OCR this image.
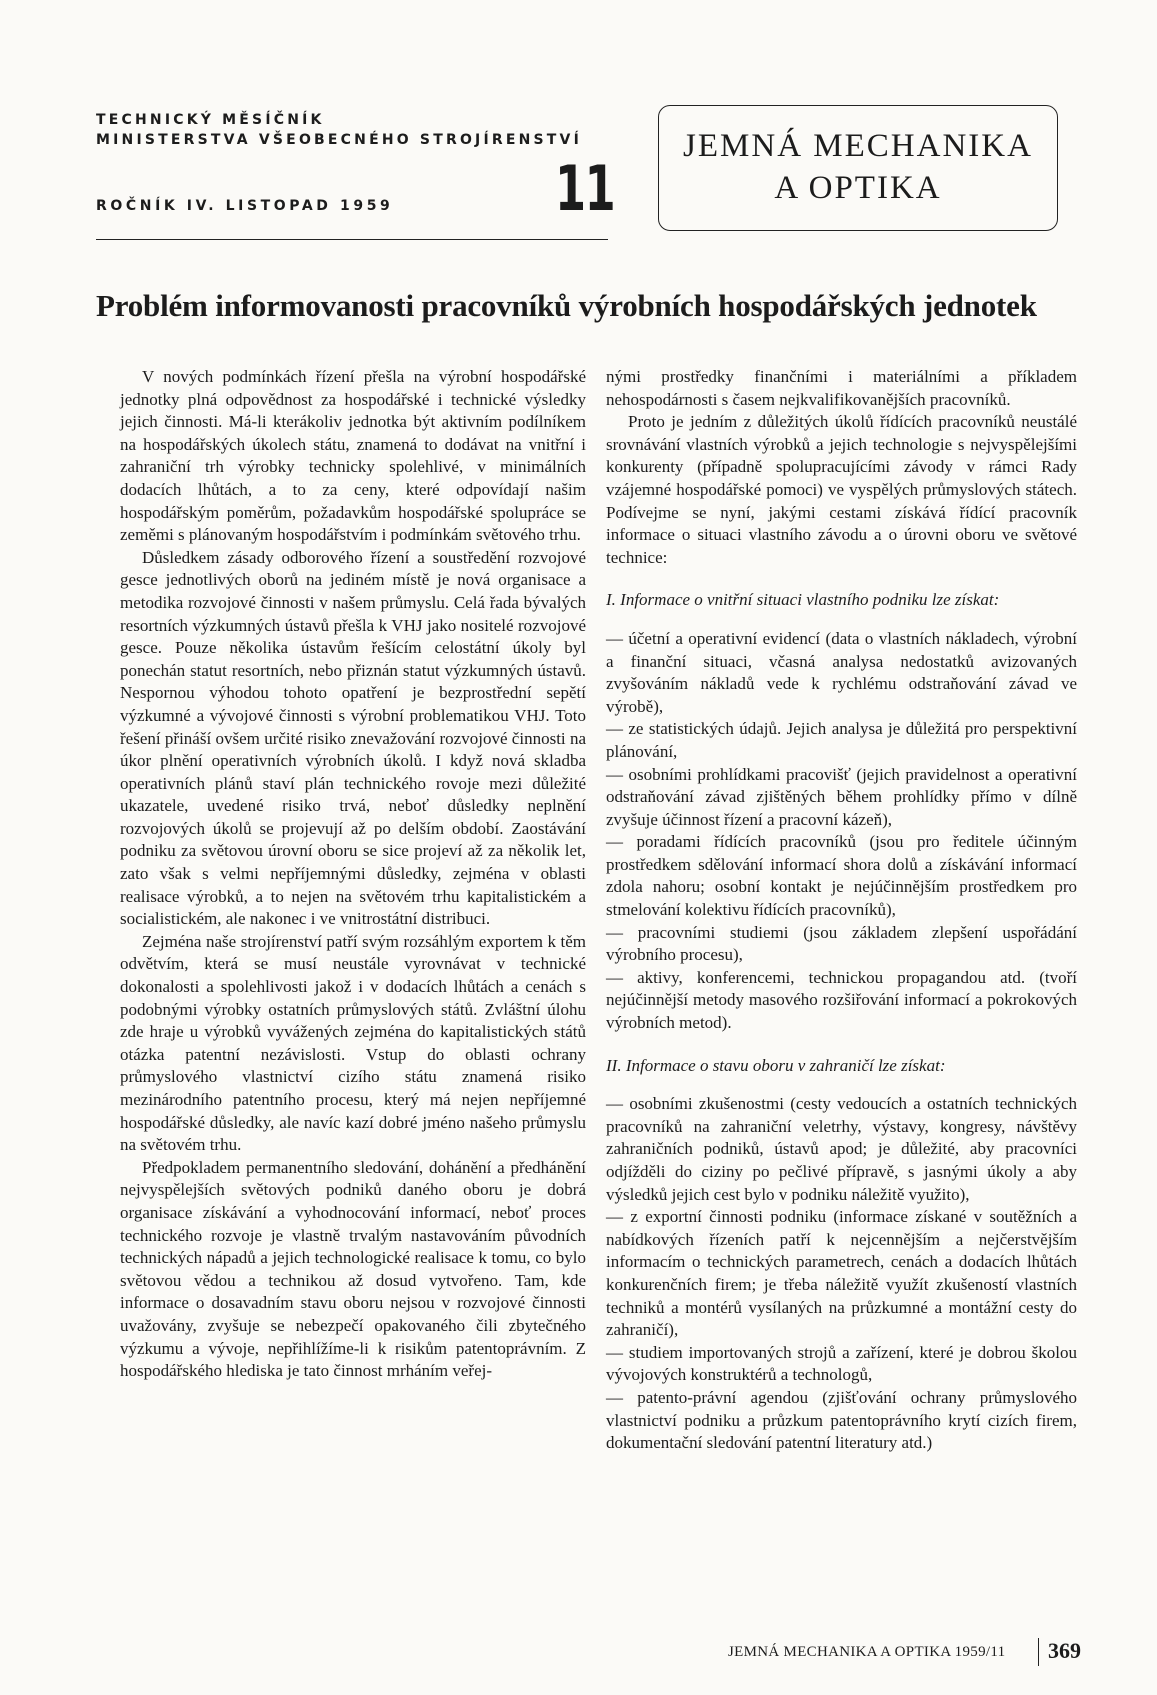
TECHNICKÝ MĚSÍČNÍK
MINISTERSTVA VŠEOBECNÉHO STROJÍRENSTVÍ
ROČNÍK IV. LISTOPAD 1959	11
JEMNÁ MECHANIKA
A OPTIKA
Problém informovanosti pracovníků výrobních hospodářských jednotek

V nových podmínkách řízení přešla na výrobní hospodářské jednotky plná odpovědnost za hospodářské i technické výsledky jejich činnosti. Má-li kterákoliv jednotka být aktivním podílníkem na hospodářských úkolech státu, znamená to dodávat na vnitřní i zahraniční trh výrobky technicky spolehlivé, v minimálních dodacích lhůtách, a to za ceny, které odpovídají našim hospodářským poměrům, požadavkům hospodářské spolupráce se zeměmi s plánovaným hospodářstvím i podmínkám světového trhu.

Důsledkem zásady odborového řízení a soustředění rozvojové gesce jednotlivých oborů na jediném místě je nová organisace a metodika rozvojové činnosti v našem průmyslu. Celá řada bývalých resortních výzkumných ústavů přešla k VHJ jako nositelé rozvojové gesce. Pouze několika ústavům řešícím celostátní úkoly byl ponechán statut resortních, nebo přiznán statut výzkumných ústavů. Nespornou výhodou tohoto opatření je bezprostřední sepětí výzkumné a vývojové činnosti s výrobní problematikou VHJ. Toto řešení přináší ovšem určité risiko znevažování rozvojové činnosti na úkor plnění operativních výrobních úkolů. I když nová skladba operativních plánů staví plán technického rovoje mezi důležité ukazatele, uvedené risiko trvá, neboť důsledky neplnění rozvojových úkolů se projevují až po delším období. Zaostávání podniku za světovou úrovní oboru se sice projeví až za několik let, zato však s velmi nepříjemnými důsledky, zejména v oblasti realisace výrobků, a to nejen na světovém trhu kapitalistickém a socialistickém, ale nakonec i ve vnitrostátní distribuci.

Zejména naše strojírenství patří svým rozsáhlým exportem k těm odvětvím, která se musí neustále vyrovnávat v technické dokonalosti a spolehlivosti jakož i v dodacích lhůtách a cenách s podobnými výrobky ostatních průmyslových států. Zvláštní úlohu zde hraje u výrobků vyvážených zejména do kapitalistických států otázka patentní nezávislosti. Vstup do oblasti ochrany průmyslového vlastnictví cizího státu znamená risiko mezinárodního patentního procesu, který má nejen nepříjemné hospodářské důsledky, ale navíc kazí dobré jméno našeho průmyslu na světovém trhu.

Předpokladem permanentního sledování, dohánění a předhánění nejvyspělejších světových podniků daného oboru je dobrá organisace získávání a vyhodnocování informací, neboť proces technického rozvoje je vlastně trvalým nastavováním původních technických nápadů a jejich technologické realisace k tomu, co bylo světovou vědou a technikou až dosud vytvořeno. Tam, kde informace o dosavadním stavu oboru nejsou v rozvojové činnosti uvažovány, zvyšuje se nebezpečí opakovaného čili zbytečného výzkumu a vývoje, nepřihlížíme-li k risikům patentoprávním. Z hospodářského hlediska je tato činnost mrháním veřej-

nými prostředky finančními i materiálními a příkladem nehospodárnosti s časem nejkvalifikovanějších pracovníků.

Proto je jedním z důležitých úkolů řídících pracovníků neustálé srovnávání vlastních výrobků a jejich technologie s nejvyspělejšími konkurenty (případně spolupracujícími závody v rámci Rady vzájemné hospodářské pomoci) ve vyspělých průmyslových státech. Podívejme se nyní, jakými cestami získává řídící pracovník informace o situaci vlastního závodu a o úrovni oboru ve světové technice:

I. Informace o vnitřní situaci vlastního podniku lze získat:

— účetní a operativní evidencí (data o vlastních nákladech, výrobní a finanční situaci, včasná analysa nedostatků avizovaných zvyšováním nákladů vede k rychlému odstraňování závad ve výrobě),

— ze statistických údajů. Jejich analysa je důležitá pro perspektivní plánování,

— osobními prohlídkami pracovišť (jejich pravidelnost a operativní odstraňování závad zjištěných během prohlídky přímo v dílně zvyšuje účinnost řízení a pracovní kázeň),

— poradami řídících pracovníků (jsou pro ředitele účinným prostředkem sdělování informací shora dolů a získávání informací zdola nahoru; osobní kontakt je nejúčinnějším prostředkem pro stmelování kolektivu řídících pracovníků),

— pracovními studiemi (jsou základem zlepšení uspořádání výrobního procesu),

— aktivy, konferencemi, technickou propagandou atd. (tvoří nejúčinnější metody masového rozšiřování informací a pokrokových výrobních metod).

II. Informace o stavu oboru v zahraničí lze získat:

— osobními zkušenostmi (cesty vedoucích a ostatních technických pracovníků na zahraniční veletrhy, výstavy, kongresy, návštěvy zahraničních podniků, ústavů apod; je důležité, aby pracovníci odjížděli do ciziny po pečlivé přípravě, s jasnými úkoly a aby výsledků jejich cest bylo v podniku náležitě využito),

— z exportní činnosti podniku (informace získané v soutěžních a nabídkových řízeních patří k nejcennějším a nejčerstvějším informacím o technických parametrech, cenách a dodacích lhůtách konkurenčních firem; je třeba náležitě využít zkušeností vlastních techniků a montérů vysílaných na průzkumné a montážní cesty do zahraničí),

— studiem importovaných strojů a zařízení, které je dobrou školou vývojových konstruktérů a technologů,

— patento-právní agendou (zjišťování ochrany průmyslového vlastnictví podniku a průzkum patentoprávního krytí cizích firem, dokumentační sledování patentní literatury atd.)

JEMNÁ MECHANIKA A OPTIKA 1959/11 369
